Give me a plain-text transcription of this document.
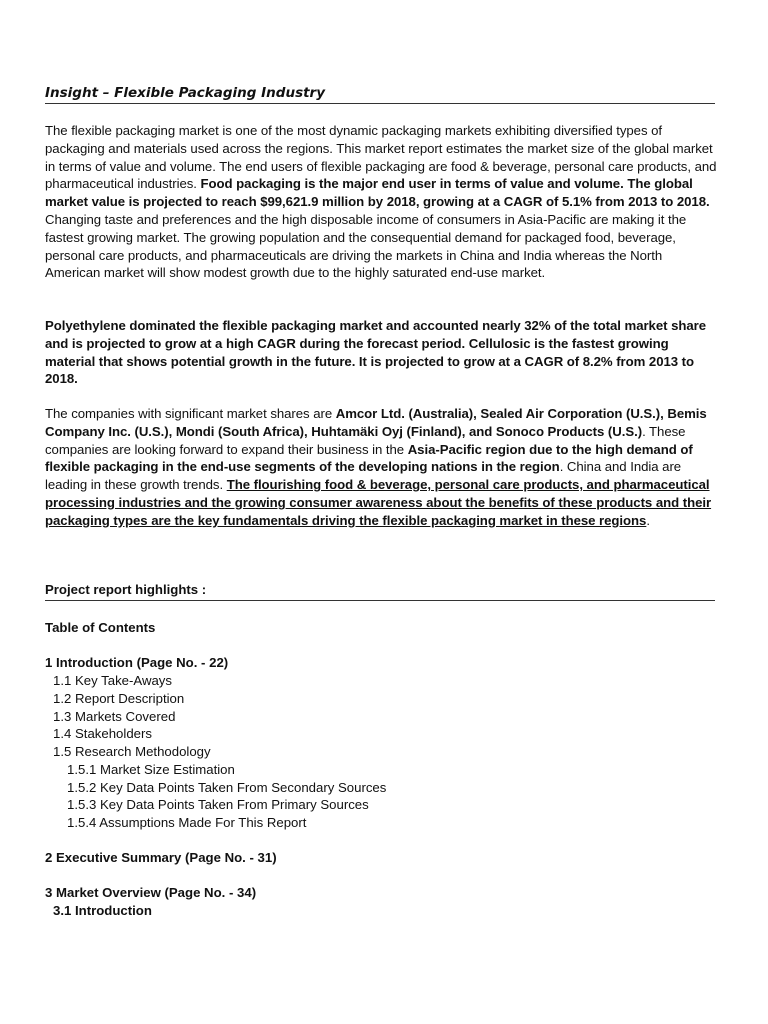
Insight – Flexible Packaging Industry

The flexible packaging market is one of the most dynamic packaging markets exhibiting diversified types of packaging and materials used across the regions. This market report estimates the market size of the global market in terms of value and volume. The end users of flexible packaging are food & beverage, personal care products, and pharmaceutical industries. Food packaging is the major end user in terms of value and volume. The global market value is projected to reach $99,621.9 million by 2018, growing at a CAGR of 5.1% from 2013 to 2018. Changing taste and preferences and the high disposable income of consumers in Asia-Pacific are making it the fastest growing market. The growing population and the consequential demand for packaged food, beverage, personal care products, and pharmaceuticals are driving the markets in China and India whereas the North American market will show modest growth due to the highly saturated end-use market.

Polyethylene dominated the flexible packaging market and accounted nearly 32% of the total market share and is projected to grow at a high CAGR during the forecast period. Cellulosic is the fastest growing material that shows potential growth in the future. It is projected to grow at a CAGR of 8.2% from 2013 to 2018.

The companies with significant market shares are Amcor Ltd. (Australia), Sealed Air Corporation (U.S.), Bemis Company Inc. (U.S.), Mondi (South Africa), Huhtamäki Oyj (Finland), and Sonoco Products (U.S.). These companies are looking forward to expand their business in the Asia-Pacific region due to the high demand of flexible packaging in the end-use segments of the developing nations in the region. China and India are leading in these growth trends. The flourishing food & beverage, personal care products, and pharmaceutical processing industries and the growing consumer awareness about the benefits of these products and their packaging types are the key fundamentals driving the flexible packaging market in these regions.

Project report highlights :
Table of Contents

1 Introduction (Page No. - 22)

1.1 Key Take-Aways

1.2 Report Description

1.3 Markets Covered

1.4 Stakeholders

1.5 Research Methodology

1.5.1 Market Size Estimation

1.5.2 Key Data Points Taken From Secondary Sources

1.5.3 Key Data Points Taken From Primary Sources

1.5.4 Assumptions Made For This Report

2 Executive Summary (Page No. - 31)

3 Market Overview (Page No. - 34)

3.1 Introduction
